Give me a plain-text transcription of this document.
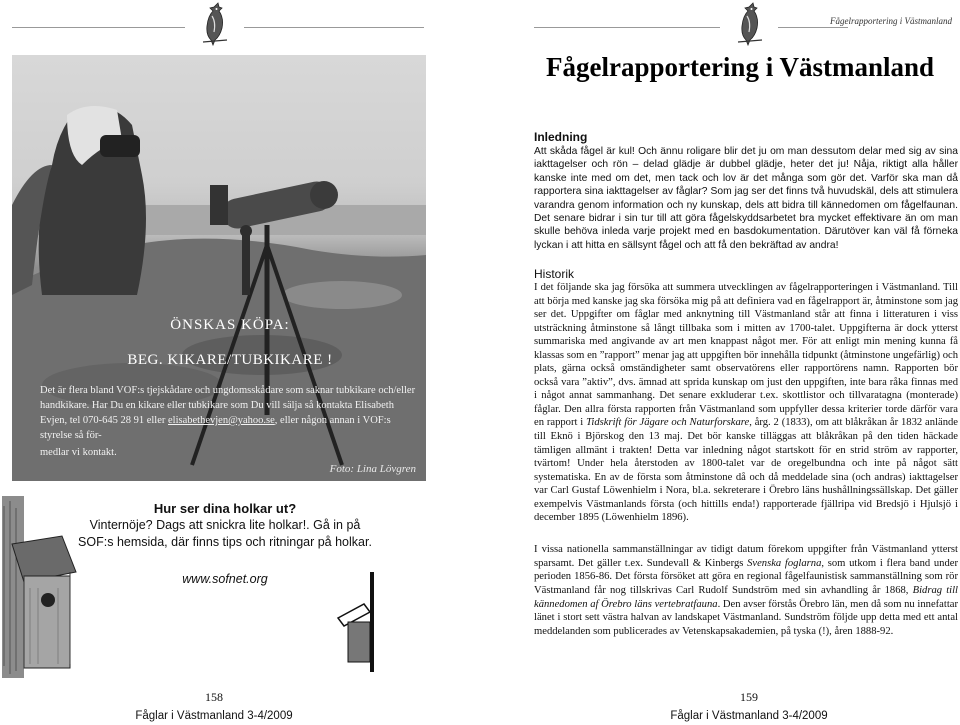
Fågelrapportering i Västmanland
Fågelrapportering i Västmanland
ÖNSKAS KÖPA:
BEG. KIKARE/TUBKIKARE !
Det är flera bland VOF:s tjejskådare och ungdomsskådare som saknar tubkikare och/eller handkikare. Har Du en kikare eller tubkikare som Du vill sälja så kontakta Elisabeth Evjen, tel 070-645 28 91 eller elisabethevjen@yahoo.se, eller någon annan i VOF:s styrelse så för-
medlar vi kontakt.
Foto: Lina Lövgren
Hur ser dina holkar ut?
Vinternöje? Dags att snickra lite holkar!. Gå in på
SOF:s hemsida, där finns tips och ritningar på holkar.
www.sofnet.org
158
Fåglar i Västmanland 3-4/2009
159
Fåglar i Västmanland 3-4/2009
Inledning
Att skåda fågel är kul! Och ännu roligare blir det ju om man dessutom delar med sig av sina iakttagelser och rön – delad glädje är dubbel glädje, heter det ju! Nåja, riktigt alla håller kanske inte med om det, men tack och lov är det många som gör det. Varför ska man då rapportera sina iakttagelser av fåglar? Som jag ser det finns två huvudskäl, dels att stimulera varandra genom information och ny kunskap, dels att bidra till kännedomen om fågelfaunan. Det senare bidrar i sin tur till att göra fågelskyddsarbetet bra mycket effektivare än om man skulle behöva inleda varje projekt med en basdokumentation. Därutöver kan väl få förneka lyckan i att hitta en sällsynt fågel och att få den bekräftad av andra!
Historik
I det följande ska jag försöka att summera utvecklingen av fågelrapporteringen i Västmanland. Till att börja med kanske jag ska försöka mig på att definiera vad en fågelrapport är, åtminstone som jag ser det. Uppgifter om fåglar med anknytning till Västmanland står att finna i litteraturen i viss utsträckning åtminstone så långt tillbaka som i mitten av 1700-talet. Uppgifterna är dock ytterst summariska med angivande av art men knappast något mer. För att enligt min mening kunna få klassas som en ”rapport” menar jag att uppgiften bör innehålla tidpunkt (åtminstone ungefärlig) och plats, gärna också omständigheter samt observatörens eller rapportörens namn. Rapporten bör också vara ”aktiv”, dvs. ämnad att sprida kunskap om just den uppgiften, inte bara råka finnas med i något annat sammanhang. Det senare exkluderar t.ex. skottlistor och tillvaratagna (monterade) fåglar. Den allra första rapporten från Västmanland som uppfyller dessa kriterier torde därför vara en rapport i Tidskrift för Jägare och Naturforskare, årg. 2 (1833), om att blåkråkan år 1832 anlände till Eknö i Björskog den 13 maj. Det bör kanske tilläggas att blåkråkan på den tiden häckade tämligen allmänt i trakten! Detta var inledning något startskott för en strid ström av rapporter, tvärtom! Under hela återstoden av 1800-talet var de oregelbundna och inte på något sätt systematiska. En av de första som åtminstone då och då meddelade sina (och andras) iakttagelser var Carl Gustaf Löwenhielm i Nora, bl.a. sekreterare i Örebro läns hushållningssällskap. Det gäller exempelvis Västmanlands första (och hittills enda!) rapporterade fjällripa vid Bredsjö i Hjulsjö i december 1895 (Löwenhielm 1896).
I vissa nationella sammanställningar av tidigt datum förekom uppgifter från Västmanland ytterst sparsamt. Det gäller t.ex. Sundevall & Kinbergs Svenska foglarna, som utkom i flera band under perioden 1856-86. Det första försöket att göra en regional fågelfaunistisk sammanställning som rör Västmanland får nog tillskrivas Carl Rudolf Sundström med sin avhandling år 1868, Bidrag till kännedomen af Örebro läns vertebratfauna. Den avser förstås Örebro län, men då som nu innefattar länet i stort sett västra halvan av landskapet Västmanland. Sundström följde upp detta med ett antal meddelanden som publicerades av Vetenskapsakademien, på tyska (!), åren 1888-92.
